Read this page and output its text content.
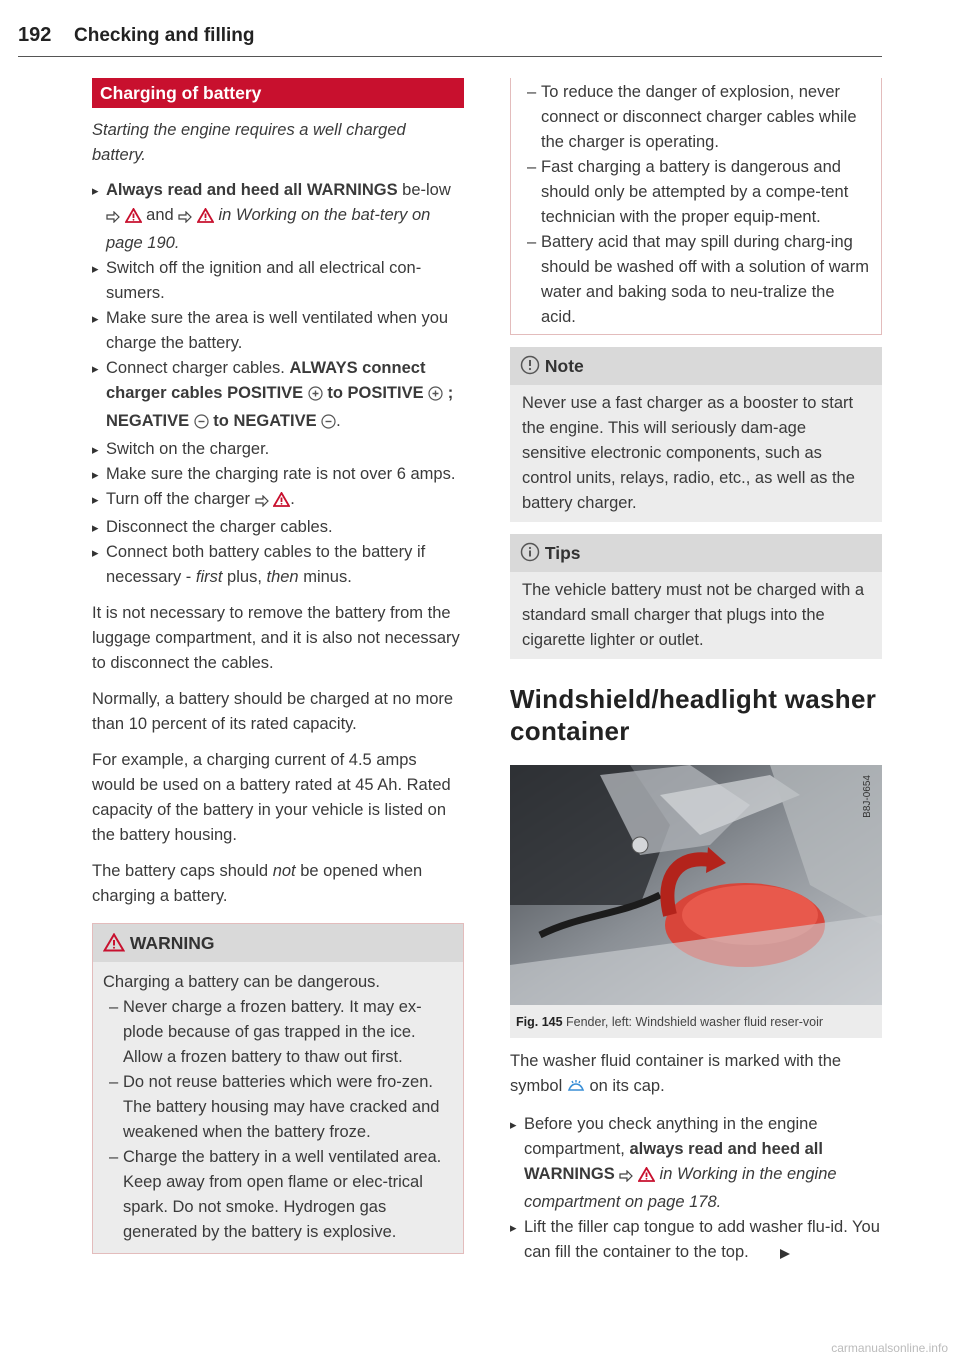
192 Checking and filling
Charging of battery

Starting the engine requires a well charged battery.

▸ Always read and heed all WARNINGS be-low   and   in Working on the bat-tery on page 190.

▸ Switch off the ignition and all electrical con-sumers.

▸ Make sure the area is well ventilated when you charge the battery.

▸ Connect charger cables. ALWAYS connect charger cables POSITIVE  to POSITIVE  ; NEGATIVE  to NEGATIVE .

▸ Switch on the charger.

▸ Make sure the charging rate is not over 6 amps.

▸ Turn off the charger  .

▸ Disconnect the charger cables.

▸ Connect both battery cables to the battery if necessary - first plus, then minus.

It is not necessary to remove the battery from the luggage compartment, and it is also not necessary to disconnect the cables.

Normally, a battery should be charged at no more than 10 percent of its rated capacity.

For example, a charging current of 4.5 amps would be used on a battery rated at 45 Ah. Rated capacity of the battery in your vehicle is listed on the battery housing.

The battery caps should not be opened when charging a battery.

WARNING

Charging a battery can be dangerous.

– Never charge a frozen battery. It may ex-plode because of gas trapped in the ice. Allow a frozen battery to thaw out first.

– Do not reuse batteries which were fro-zen. The battery housing may have cracked and weakened when the battery froze.

– Charge the battery in a well ventilated area. Keep away from open flame or elec-trical spark. Do not smoke. Hydrogen gas generated by the battery is explosive.

– To reduce the danger of explosion, never connect or disconnect charger cables while the charger is operating.

– Fast charging a battery is dangerous and should only be attempted by a compe-tent technician with the proper equip-ment.

– Battery acid that may spill during charg-ing should be washed off with a solution of warm water and baking soda to neu-tralize the acid.

Note

Never use a fast charger as a booster to start the engine. This will seriously dam-age sensitive electronic components, such as control units, relays, radio, etc., as well as the battery charger.

Tips

The vehicle battery must not be charged with a standard small charger that plugs into the cigarette lighter or outlet.

Windshield/headlight washer container

B8J-0654
Fig. 145 Fender, left: Windshield washer fluid reser-voir

The washer fluid container is marked with the symbol  on its cap.

▸ Before you check anything in the engine compartment, always read and heed all WARNINGS   in Working in the engine compartment on page 178.

▸ Lift the filler cap tongue to add washer flu-id. You can fill the container to the top.

carmanualsonline.info
